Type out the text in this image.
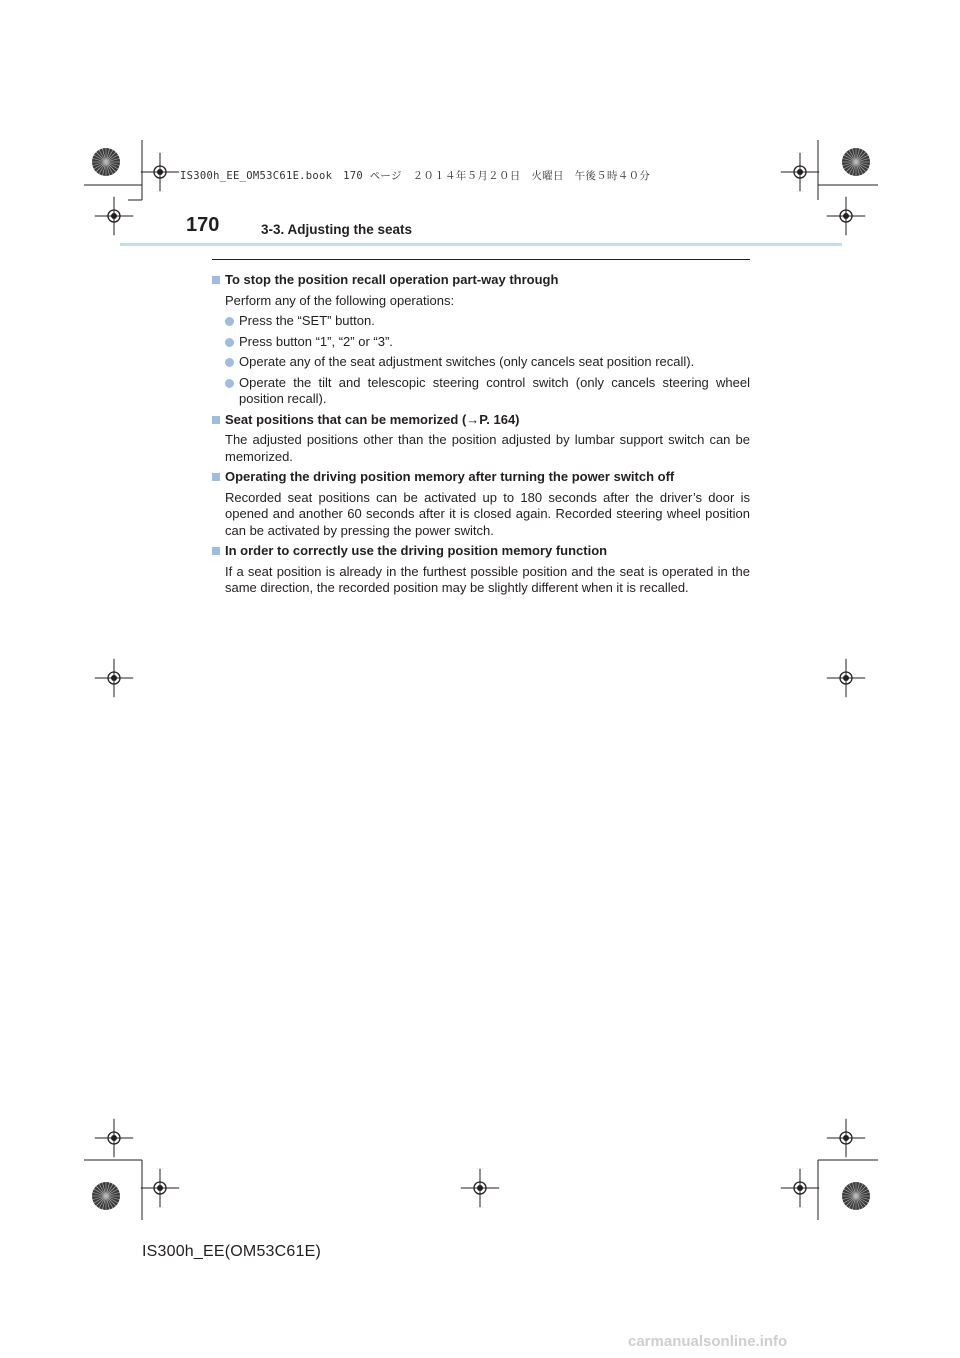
IS300h_EE_OM53C61E.book　170 ページ　２０１４年５月２０日　火曜日　午後５時４０分
170	3-3. Adjusting the seats
To stop the position recall operation part-way through
Perform any of the following operations:
Press the “SET” button.
Press button “1”, “2” or “3”.
Operate any of the seat adjustment switches (only cancels seat position recall).
Operate the tilt and telescopic steering control switch (only cancels steering wheel position recall).
Seat positions that can be memorized (→P. 164)
The adjusted positions other than the position adjusted by lumbar support switch can be memorized.
Operating the driving position memory after turning the power switch off
Recorded seat positions can be activated up to 180 seconds after the driver’s door is opened and another 60 seconds after it is closed again. Recorded steering wheel position can be activated by pressing the power switch.
In order to correctly use the driving position memory function
If a seat position is already in the furthest possible position and the seat is operated in the same direction, the recorded position may be slightly different when it is recalled.
IS300h_EE(OM53C61E)
carmanualsonline.info
